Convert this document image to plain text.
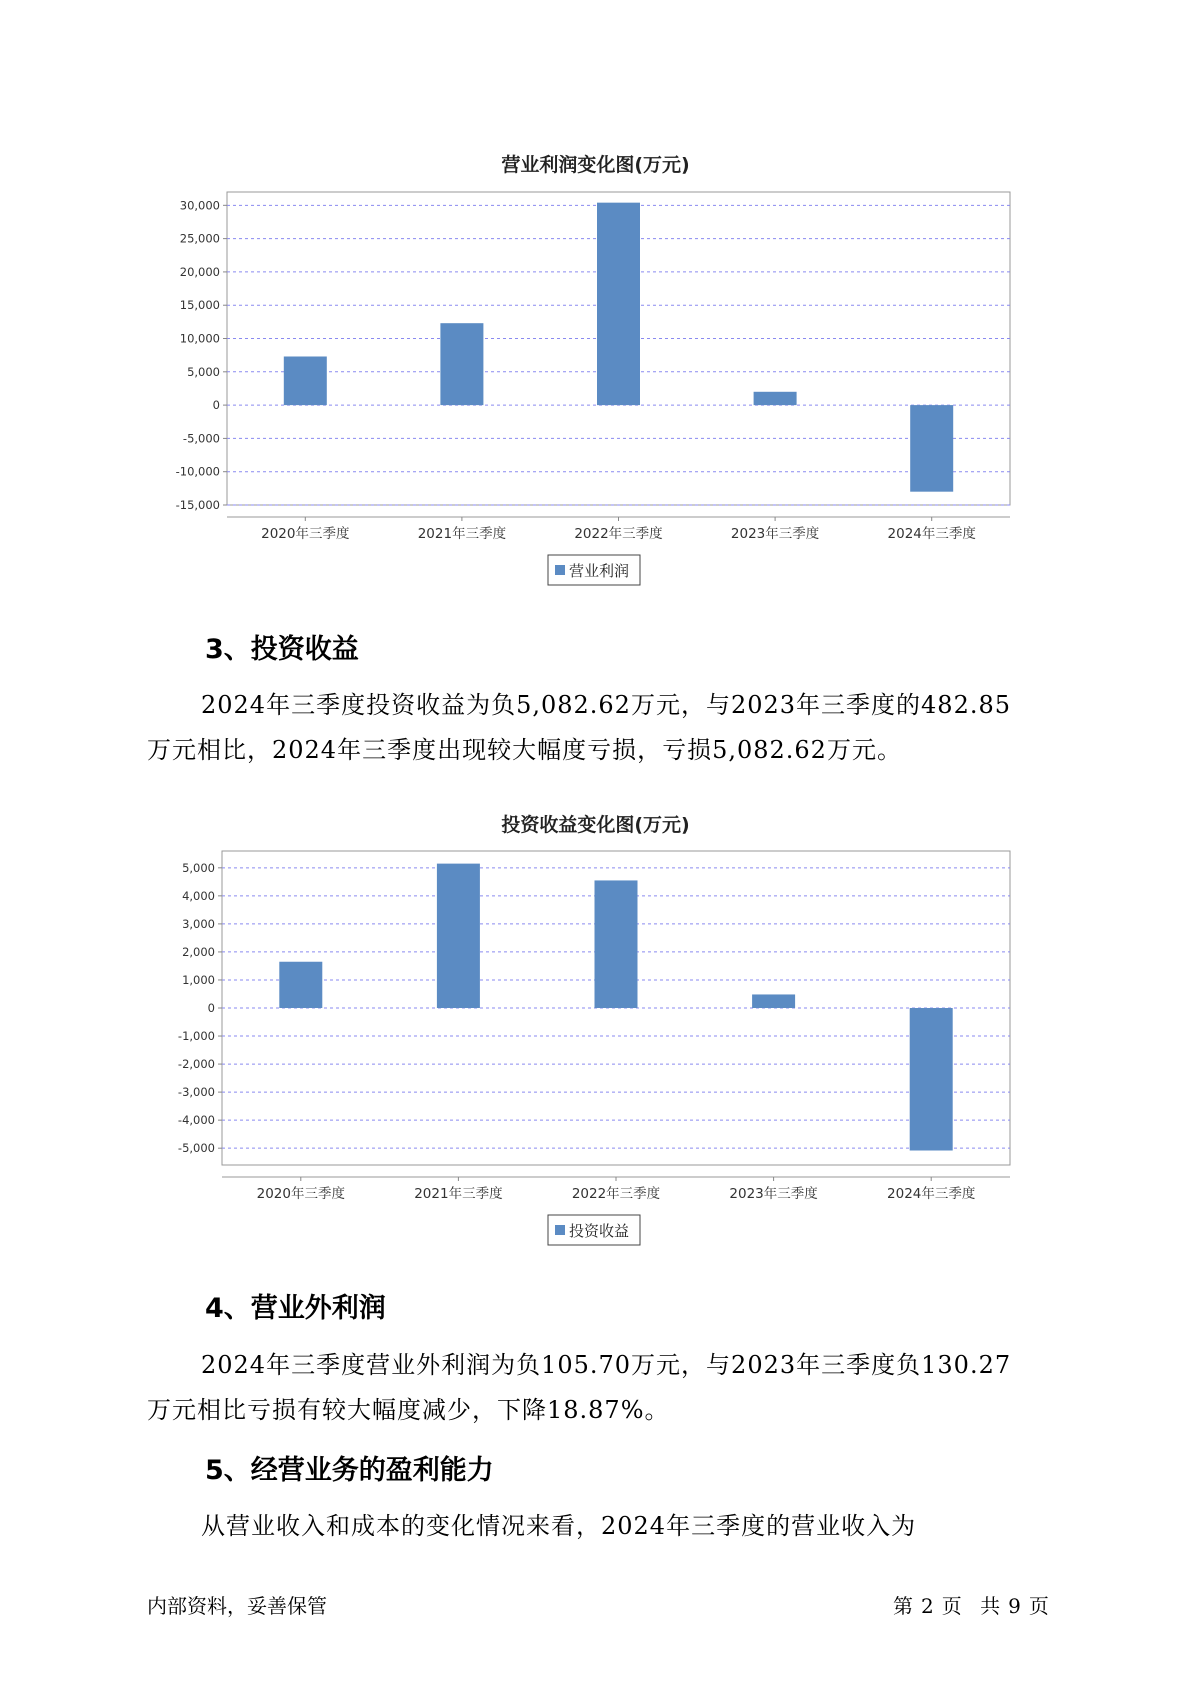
营业利润变化图(万元)
30,000
25,000
20,000
15,000
10,000
5,000
0
-5,000
-10,000
-15,000
2020年三季度	2021年三季度	2022年三季度	2023年三季度	2024年三季度
营业利润
3、投资收益

2024年三季度投资收益为负5,082.62万元，与2023年三季度的482.85
万元相比，2024年三季度出现较大幅度亏损，亏损5,082.62万元。

投资收益变化图(万元)
5,000
4,000
3,000
2,000
1,000
0
-1,000
-2,000
-3,000
-4,000
-5,000
2020年三季度	2021年三季度	2022年三季度	2023年三季度	2024年三季度
投资收益
4、营业外利润

2024年三季度营业外利润为负105.70万元，与2023年三季度负130.27
万元相比亏损有较大幅度减少，下降18.87%。

5、经营业务的盈利能力

从营业收入和成本的变化情况来看，2024年三季度的营业收入为

内部资料，妥善保管	第 2 页 共 9 页
